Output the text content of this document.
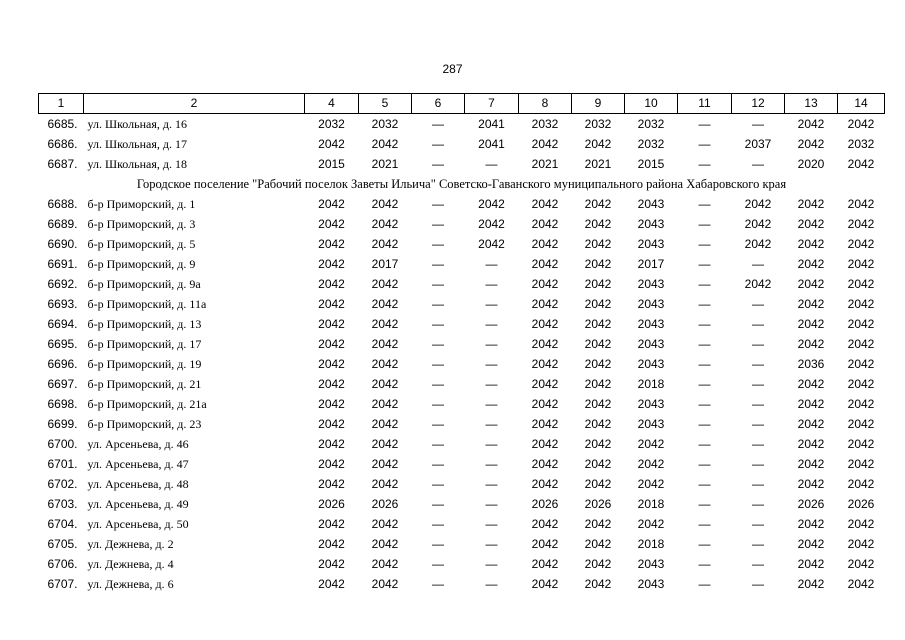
287
1	2	4	5	6	7	8	9	10	11	12	13	14
6685.	ул. Школьная, д. 16	2032	2032	—	2041	2032	2032	2032	—	—	2042	2042
6686.	ул. Школьная, д. 17	2042	2042	—	2041	2042	2042	2032	—	2037	2042	2032
6687.	ул. Школьная, д. 18	2015	2021	—	—	2021	2021	2015	—	—	2020	2042
Городское поселение "Рабочий поселок Заветы Ильича" Советско-Гаванского муниципального района Хабаровского края												
6688.	б-р Приморский, д. 1	2042	2042	—	2042	2042	2042	2043	—	2042	2042	2042
6689.	б-р Приморский, д. 3	2042	2042	—	2042	2042	2042	2043	—	2042	2042	2042
6690.	б-р Приморский, д. 5	2042	2042	—	2042	2042	2042	2043	—	2042	2042	2042
6691.	б-р Приморский, д. 9	2042	2017	—	—	2042	2042	2017	—	—	2042	2042
6692.	б-р Приморский, д. 9а	2042	2042	—	—	2042	2042	2043	—	2042	2042	2042
6693.	б-р Приморский, д. 11а	2042	2042	—	—	2042	2042	2043	—	—	2042	2042
6694.	б-р Приморский, д. 13	2042	2042	—	—	2042	2042	2043	—	—	2042	2042
6695.	б-р Приморский, д. 17	2042	2042	—	—	2042	2042	2043	—	—	2042	2042
6696.	б-р Приморский, д. 19	2042	2042	—	—	2042	2042	2043	—	—	2036	2042
6697.	б-р Приморский, д. 21	2042	2042	—	—	2042	2042	2018	—	—	2042	2042
6698.	б-р Приморский, д. 21а	2042	2042	—	—	2042	2042	2043	—	—	2042	2042
6699.	б-р Приморский, д. 23	2042	2042	—	—	2042	2042	2043	—	—	2042	2042
6700.	ул. Арсеньева, д. 46	2042	2042	—	—	2042	2042	2042	—	—	2042	2042
6701.	ул. Арсеньева, д. 47	2042	2042	—	—	2042	2042	2042	—	—	2042	2042
6702.	ул. Арсеньева, д. 48	2042	2042	—	—	2042	2042	2042	—	—	2042	2042
6703.	ул. Арсеньева, д. 49	2026	2026	—	—	2026	2026	2018	—	—	2026	2026
6704.	ул. Арсеньева, д. 50	2042	2042	—	—	2042	2042	2042	—	—	2042	2042
6705.	ул. Дежнева, д. 2	2042	2042	—	—	2042	2042	2018	—	—	2042	2042
6706.	ул. Дежнева, д. 4	2042	2042	—	—	2042	2042	2043	—	—	2042	2042
6707.	ул. Дежнева, д. 6	2042	2042	—	—	2042	2042	2043	—	—	2042	2042
